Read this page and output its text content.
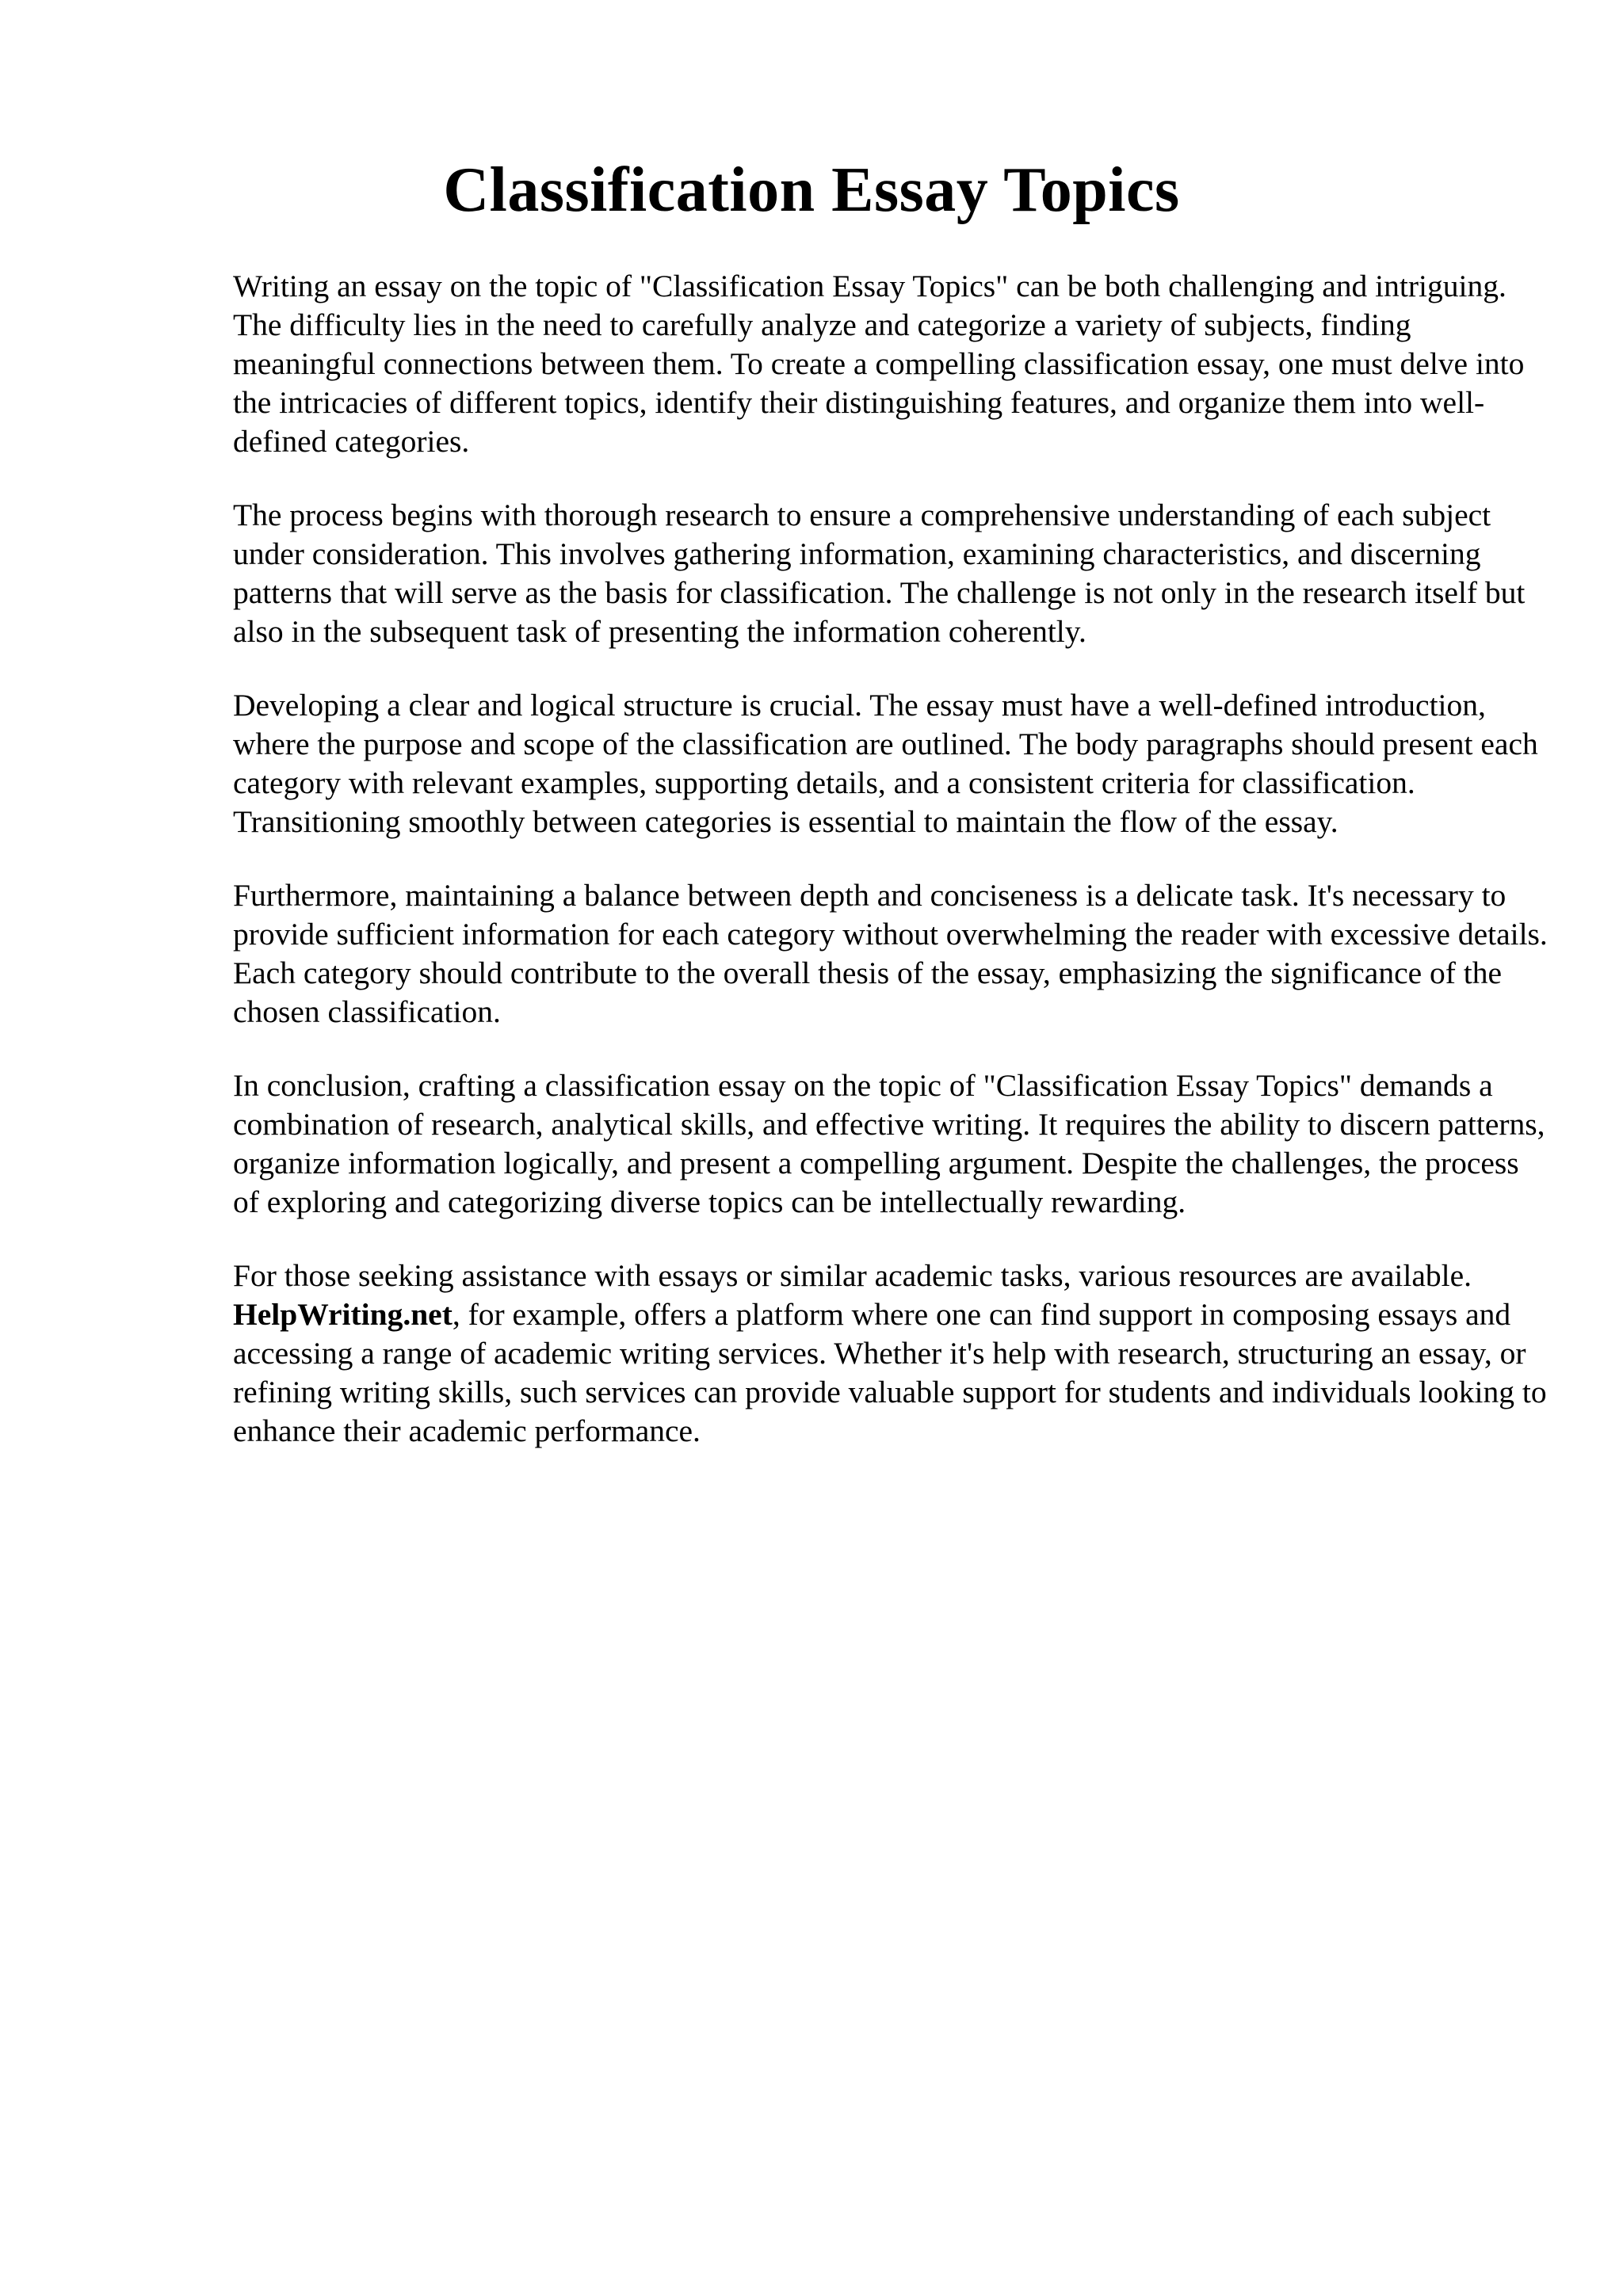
Classification Essay Topics

Writing an essay on the topic of "Classification Essay Topics" can be both challenging and intriguing. The difficulty lies in the need to carefully analyze and categorize a variety of subjects, finding meaningful connections between them. To create a compelling classification essay, one must delve into the intricacies of different topics, identify their distinguishing features, and organize them into well-defined categories.

The process begins with thorough research to ensure a comprehensive understanding of each subject under consideration. This involves gathering information, examining characteristics, and discerning patterns that will serve as the basis for classification. The challenge is not only in the research itself but also in the subsequent task of presenting the information coherently.

Developing a clear and logical structure is crucial. The essay must have a well-defined introduction, where the purpose and scope of the classification are outlined. The body paragraphs should present each category with relevant examples, supporting details, and a consistent criteria for classification. Transitioning smoothly between categories is essential to maintain the flow of the essay.

Furthermore, maintaining a balance between depth and conciseness is a delicate task. It's necessary to provide sufficient information for each category without overwhelming the reader with excessive details. Each category should contribute to the overall thesis of the essay, emphasizing the significance of the chosen classification.

In conclusion, crafting a classification essay on the topic of "Classification Essay Topics" demands a combination of research, analytical skills, and effective writing. It requires the ability to discern patterns, organize information logically, and present a compelling argument. Despite the challenges, the process of exploring and categorizing diverse topics can be intellectually rewarding.

For those seeking assistance with essays or similar academic tasks, various resources are available.
HelpWriting.net, for example, offers a platform where one can find support in composing essays and accessing a range of academic writing services. Whether it's help with research, structuring an essay, or refining writing skills, such services can provide valuable support for students and individuals looking to enhance their academic performance.
